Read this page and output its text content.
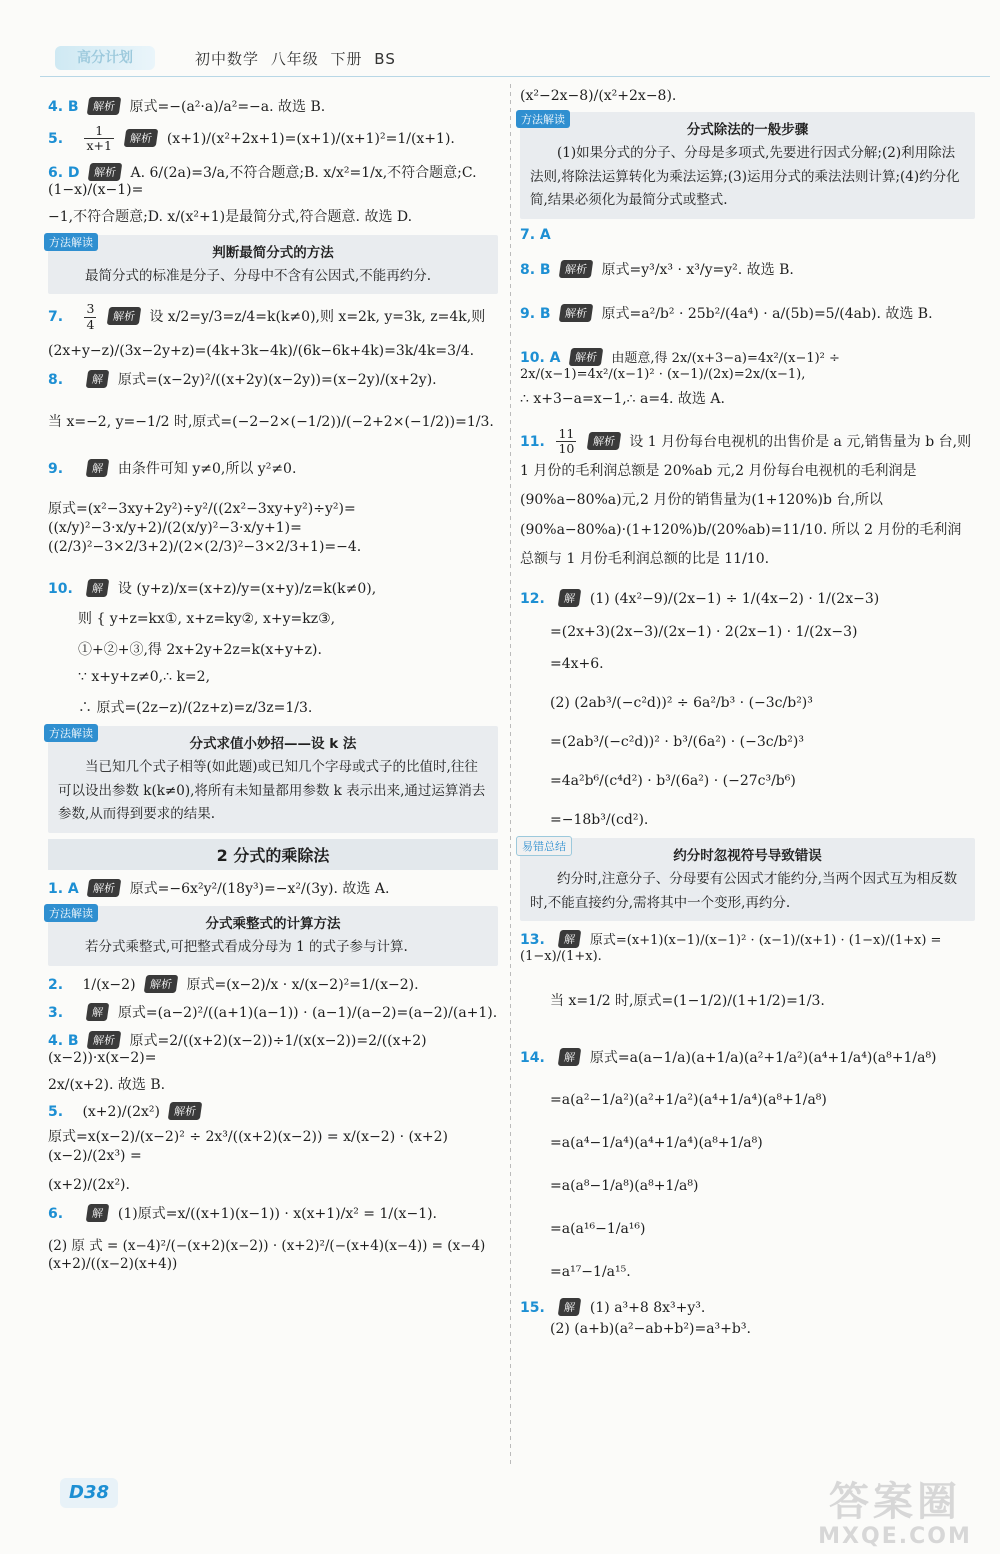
高分计划	初中数学 八年级 下册 BS
4. B 解析 原式=−(a²·a)/a²=−a. 故选 B.
5. $\frac{1}{x+1}$ 解析 (x+1)/(x²+2x+1)=(x+1)/(x+1)²=1/(x+1).
6. D 解析 A. 6/(2a)=3/a,不符合题意;B. x/x²=1/x,不符合题意;C. (1−x)/(x−1)=
−1,不符合题意;D. x/(x²+1)是最简分式,符合题意. 故选 D.
方法解读
判断最简分式的方法
最简分式的标准是分子、分母中不含有公因式,不能再约分.
7. $\frac{3}{4}$ 解析 设 x/2=y/3=z/4=k(k≠0),则 x=2k, y=3k, z=4k,则
(2x+y−z)/(3x−2y+z)=(4k+3k−4k)/(6k−6k+4k)=3k/4k=3/4.
8.	解 原式=(x−2y)²/((x+2y)(x−2y))=(x−2y)/(x+2y).
当 x=−2, y=−1/2 时,原式=(−2−2×(−1/2))/(−2+2×(−1/2))=1/3.
9.	解 由条件可知 y≠0,所以 y²≠0.
原式=(x²−3xy+2y²)÷y²/((2x²−3xy+y²)÷y²)=((x/y)²−3·x/y+2)/(2(x/y)²−3·x/y+1)=((2/3)²−3×2/3+2)/(2×(2/3)²−3×2/3+1)=−4.
10. 解 设 (y+z)/x=(x+z)/y=(x+y)/z=k(k≠0),
则 { y+z=kx①, x+z=ky②, x+y=kz③,
①+②+③,得 2x+2y+2z=k(x+y+z).
∵ x+y+z≠0,∴ k=2,
∴ 原式=(2z−z)/(2z+z)=z/3z=1/3.
方法解读
分式求值小妙招——设 k 法
当已知几个式子相等(如此题)或已知几个字母或式子的比值时,往往可以设出参数 k(k≠0),将所有未知量都用参数 k 表示出来,通过运算消去参数,从而得到要求的结果.
2 分式的乘除法
1. A 解析 原式=−6x²y²/(18y³)=−x²/(3y). 故选 A.
方法解读
分式乘整式的计算方法
若分式乘整式,可把整式看成分母为 1 的式子参与计算.
2. 1/(x−2) 解析 原式=(x−2)/x · x/(x−2)²=1/(x−2).
3.	解 原式=(a−2)²/((a+1)(a−1)) · (a−1)/(a−2)=(a−2)/(a+1).
4. B 解析 原式=2/((x+2)(x−2))÷1/(x(x−2))=2/((x+2)(x−2))·x(x−2)=
2x/(x+2). 故选 B.
5. (x+2)/(2x²) 解析
原式=x(x−2)/(x−2)² ÷ 2x³/((x+2)(x−2)) = x/(x−2) · (x+2)(x−2)/(2x³) =
(x+2)/(2x²).
6.	解 (1)原式=x/((x+1)(x−1)) · x(x+1)/x² = 1/(x−1).
(2) 原 式 = (x−4)²/(−(x+2)(x−2)) · (x+2)²/(−(x+4)(x−4)) = (x−4)(x+2)/((x−2)(x+4))
(x²−2x−8)/(x²+2x−8).
方法解读
分式除法的一般步骤
(1)如果分式的分子、分母是多项式,先要进行因式分解;(2)利用除法法则,将除法运算转化为乘法运算;(3)运用分式的乘法法则计算;(4)约分化简,结果必须化为最简分式或整式.
7. A
8. B 解析 原式=y³/x³ · x³/y=y². 故选 B.
9. B 解析 原式=a²/b² · 25b²/(4a⁴) · a/(5b)=5/(4ab). 故选 B.
10. A 解析 由题意,得 2x/(x+3−a)=4x²/(x−1)² ÷ 2x/(x−1)=4x²/(x−1)² · (x−1)/(2x)=2x/(x−1),
∴ x+3−a=x−1,∴ a=4. 故选 A.
11. $\frac{11}{10}$ 解析 设 1 月份每台电视机的出售价是 a 元,销售量为 b 台,则 1 月份的毛利润总额是 20%ab 元,2 月份每台电视机的毛利润是(90%a−80%a)元,2 月份的销售量为(1+120%)b 台,所以 (90%a−80%a)·(1+120%)b/(20%ab)=11/10. 所以 2 月份的毛利润总额与 1 月份毛利润总额的比是 11/10.
12. 解 (1) (4x²−9)/(2x−1) ÷ 1/(4x−2) · 1/(2x−3)
=(2x+3)(2x−3)/(2x−1) · 2(2x−1) · 1/(2x−3)
=4x+6.
(2) (2ab³/(−c²d))² ÷ 6a²/b³ · (−3c/b²)³
=(2ab³/(−c²d))² · b³/(6a²) · (−3c/b²)³
=4a²b⁶/(c⁴d²) · b³/(6a²) · (−27c³/b⁶)
=−18b³/(cd²).
易错总结
约分时忽视符号导致错误
约分时,注意分子、分母要有公因式才能约分,当两个因式互为相反数时,不能直接约分,需将其中一个变形,再约分.
13. 解 原式=(x+1)(x−1)/(x−1)² · (x−1)/(x+1) · (1−x)/(1+x) = (1−x)/(1+x).
当 x=1/2 时,原式=(1−1/2)/(1+1/2)=1/3.
14. 解 原式=a(a−1/a)(a+1/a)(a²+1/a²)(a⁴+1/a⁴)(a⁸+1/a⁸)
=a(a²−1/a²)(a²+1/a²)(a⁴+1/a⁴)(a⁸+1/a⁸)
=a(a⁴−1/a⁴)(a⁴+1/a⁴)(a⁸+1/a⁸)
=a(a⁸−1/a⁸)(a⁸+1/a⁸)
=a(a¹⁶−1/a¹⁶)
=a¹⁷−1/a¹⁵.
15. 解 (1) a³+8 8x³+y³.
(2) (a+b)(a²−ab+b²)=a³+b³.
D38	答案圈
MXQE.COM
